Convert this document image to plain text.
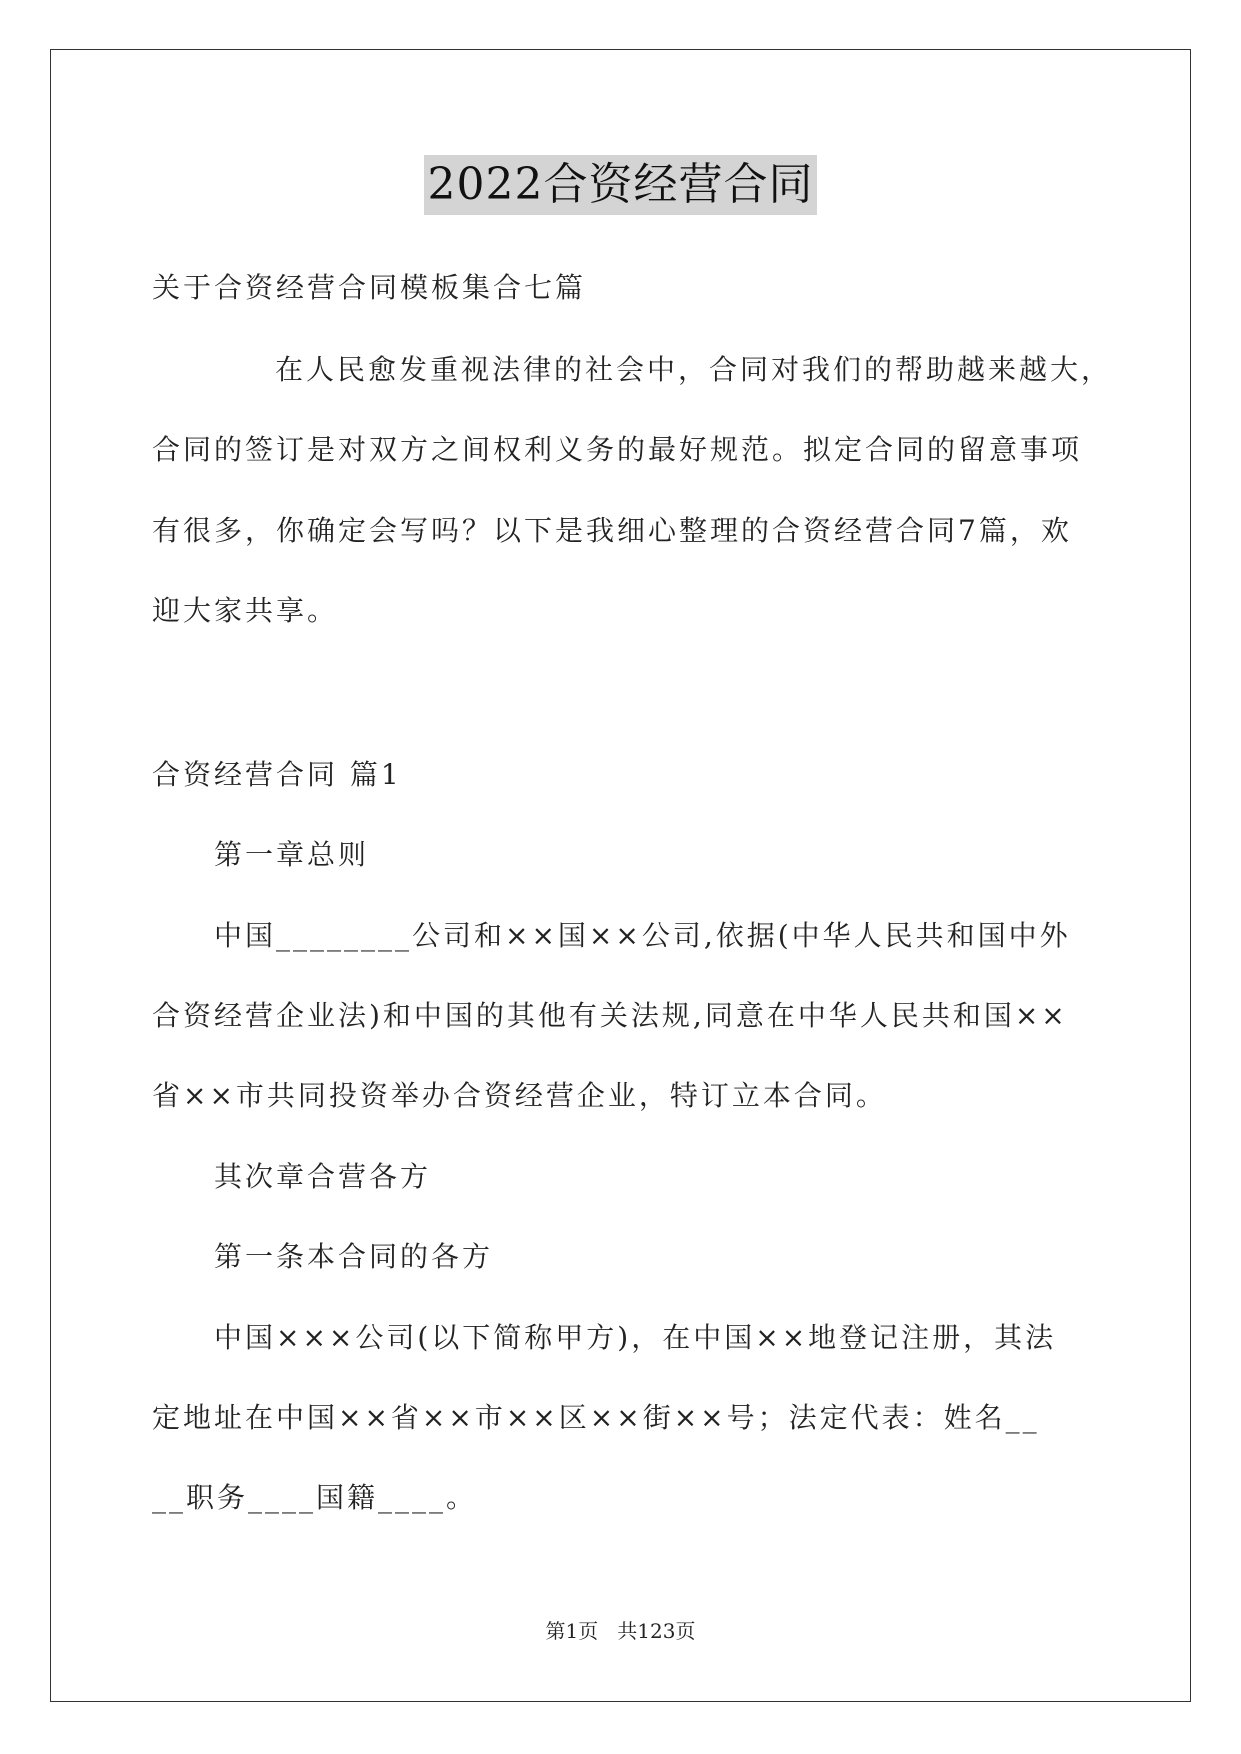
2022合资经营合同
关于合资经营合同模板集合七篇
在人民愈发重视法律的社会中，合同对我们的帮助越来越大，
合同的签订是对双方之间权利义务的最好规范。拟定合同的留意事项
有很多，你确定会写吗？以下是我细心整理的合资经营合同7篇，欢
迎大家共享。
合资经营合同 篇1
第一章总则
中国________公司和××国××公司,依据(中华人民共和国中外
合资经营企业法)和中国的其他有关法规,同意在中华人民共和国××
省××市共同投资举办合资经营企业，特订立本合同。
其次章合营各方
第一条本合同的各方
中国×××公司(以下简称甲方)，在中国××地登记注册，其法
定地址在中国××省××市××区××街××号；法定代表：姓名__
__职务____国籍____。
第1页   共123页
